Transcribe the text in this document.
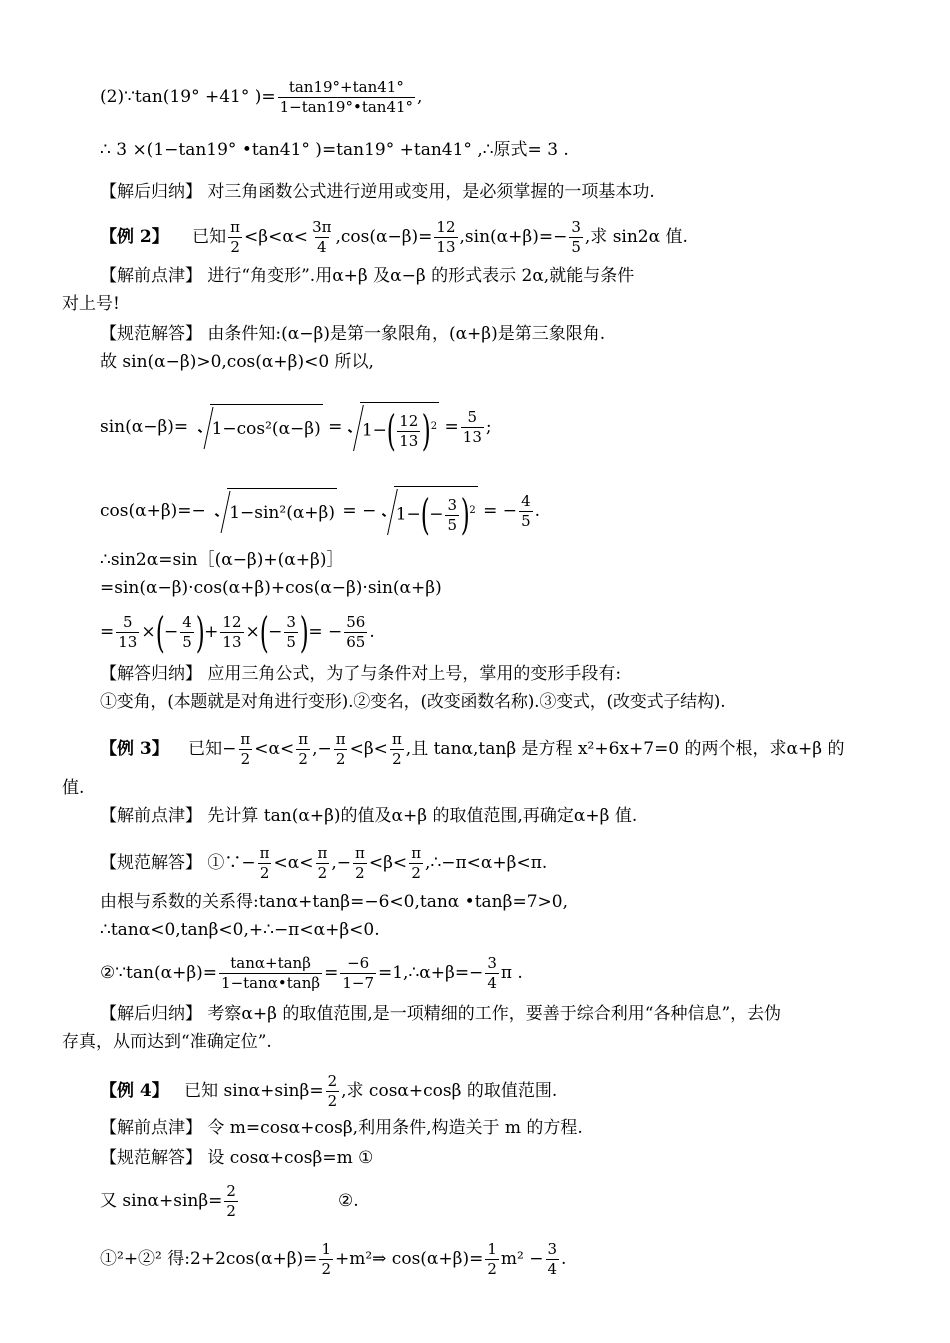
(2)∵tan(19° +41° )= $\frac{\tan 19^\circ+\tan 41^\circ}{1-\tan 19^\circ•\tan 41^\circ}$ ,
∴ 3 ×(1−tan19° •tan41° )=tan19° +tan41° ,∴原式= 3 .
【解后归纳】 对三角函数公式进行逆用或变用，是必须掌握的一项基本功.
【例 2】 已知 $\frac{\pi}{2} <\beta<\alpha< \frac{3\pi}{4} ,\cos(\alpha-\beta)= \frac{12}{13} ,\sin(\alpha+\beta)=- \frac{3}{5}$ ,求 sin2α 值.
【解前点津】 进行“角变形”.用α+β 及α−β 的形式表示 2α,就能与条件
对上号!
【规范解答】 由条件知:(α−β)是第一象限角，(α+β)是第三象限角.
故 sin(α−β)>0,cos(α+β)<0 所以,
$\sin(\alpha-\beta)= 1-\cos^2(\alpha-\beta) = 1-( \frac{12}{13} )^2 = \frac{5}{13}$ ;
cos(α+β)=− 1−sin²(α+β) = − $1-(- \frac{3}{5} )^2$ = − $\frac{4}{5}$ .
∴sin2α=sin［(α−β)+(α+β)］
=sin(α−β)·cos(α+β)+cos(α−β)·sin(α+β)
= $\frac{5}{13}$ ×(− $\frac{4}{5}$ )+ $\frac{12}{13}$ ×(− $\frac{3}{5}$ )= − $\frac{56}{65}$ .
【解答归纳】 应用三角公式，为了与条件对上号，掌用的变形手段有:
①变角，(本题就是对角进行变形).②变名，(改变函数名称).③变式，(改变式子结构).
【例 3】 已知− $\frac{\pi}{2} <\alpha< \frac{\pi}{2}$ ,− $\frac{\pi}{2} <\beta< \frac{\pi}{2}$ ,且 tanα,tanβ 是方程 x²+6x+7=0 的两个根，求α+β 的
值.
【解前点津】 先计算 tan(α+β)的值及α+β 的取值范围,再确定α+β 值.
【规范解答】 ①∵− $\frac{\pi}{2} <\alpha< \frac{\pi}{2}$ ,− $\frac{\pi}{2} <\beta< \frac{\pi}{2}$ ,∴−π<α+β<π.
由根与系数的关系得:tanα+tanβ=−6<0,tanα •tanβ=7>0,
∴tanα<0,tanβ<0,+∴−π<α+β<0.
②∵tan(α+β)= $\frac{\tan\alpha+\tan\beta}{1-\tan\alpha•\tan\beta} = \frac{-6}{1-7}$ =1,∴α+β=− $\frac{3}{4}$ π .
【解后归纳】 考察α+β 的取值范围,是一项精细的工作，要善于综合利用“各种信息”，去伪
存真，从而达到“准确定位”.
【例 4】 已知 $\sin\alpha+\sin\beta= \frac{2}{2}$ ,求 cosα+cosβ 的取值范围.
【解前点津】 令 m=cosα+cosβ,利用条件,构造关于 m 的方程.
【规范解答】 设 cosα+cosβ=m ①
又 $\sin\alpha+\sin\beta= \frac{2}{2}$	②.
①²+②² 得:2+2cos(α+β)= $\frac{1}{2}$ +m²⇒ $\cos(\alpha+\beta)= \frac{1}{2} m^2 - \frac{3}{4}$ .
